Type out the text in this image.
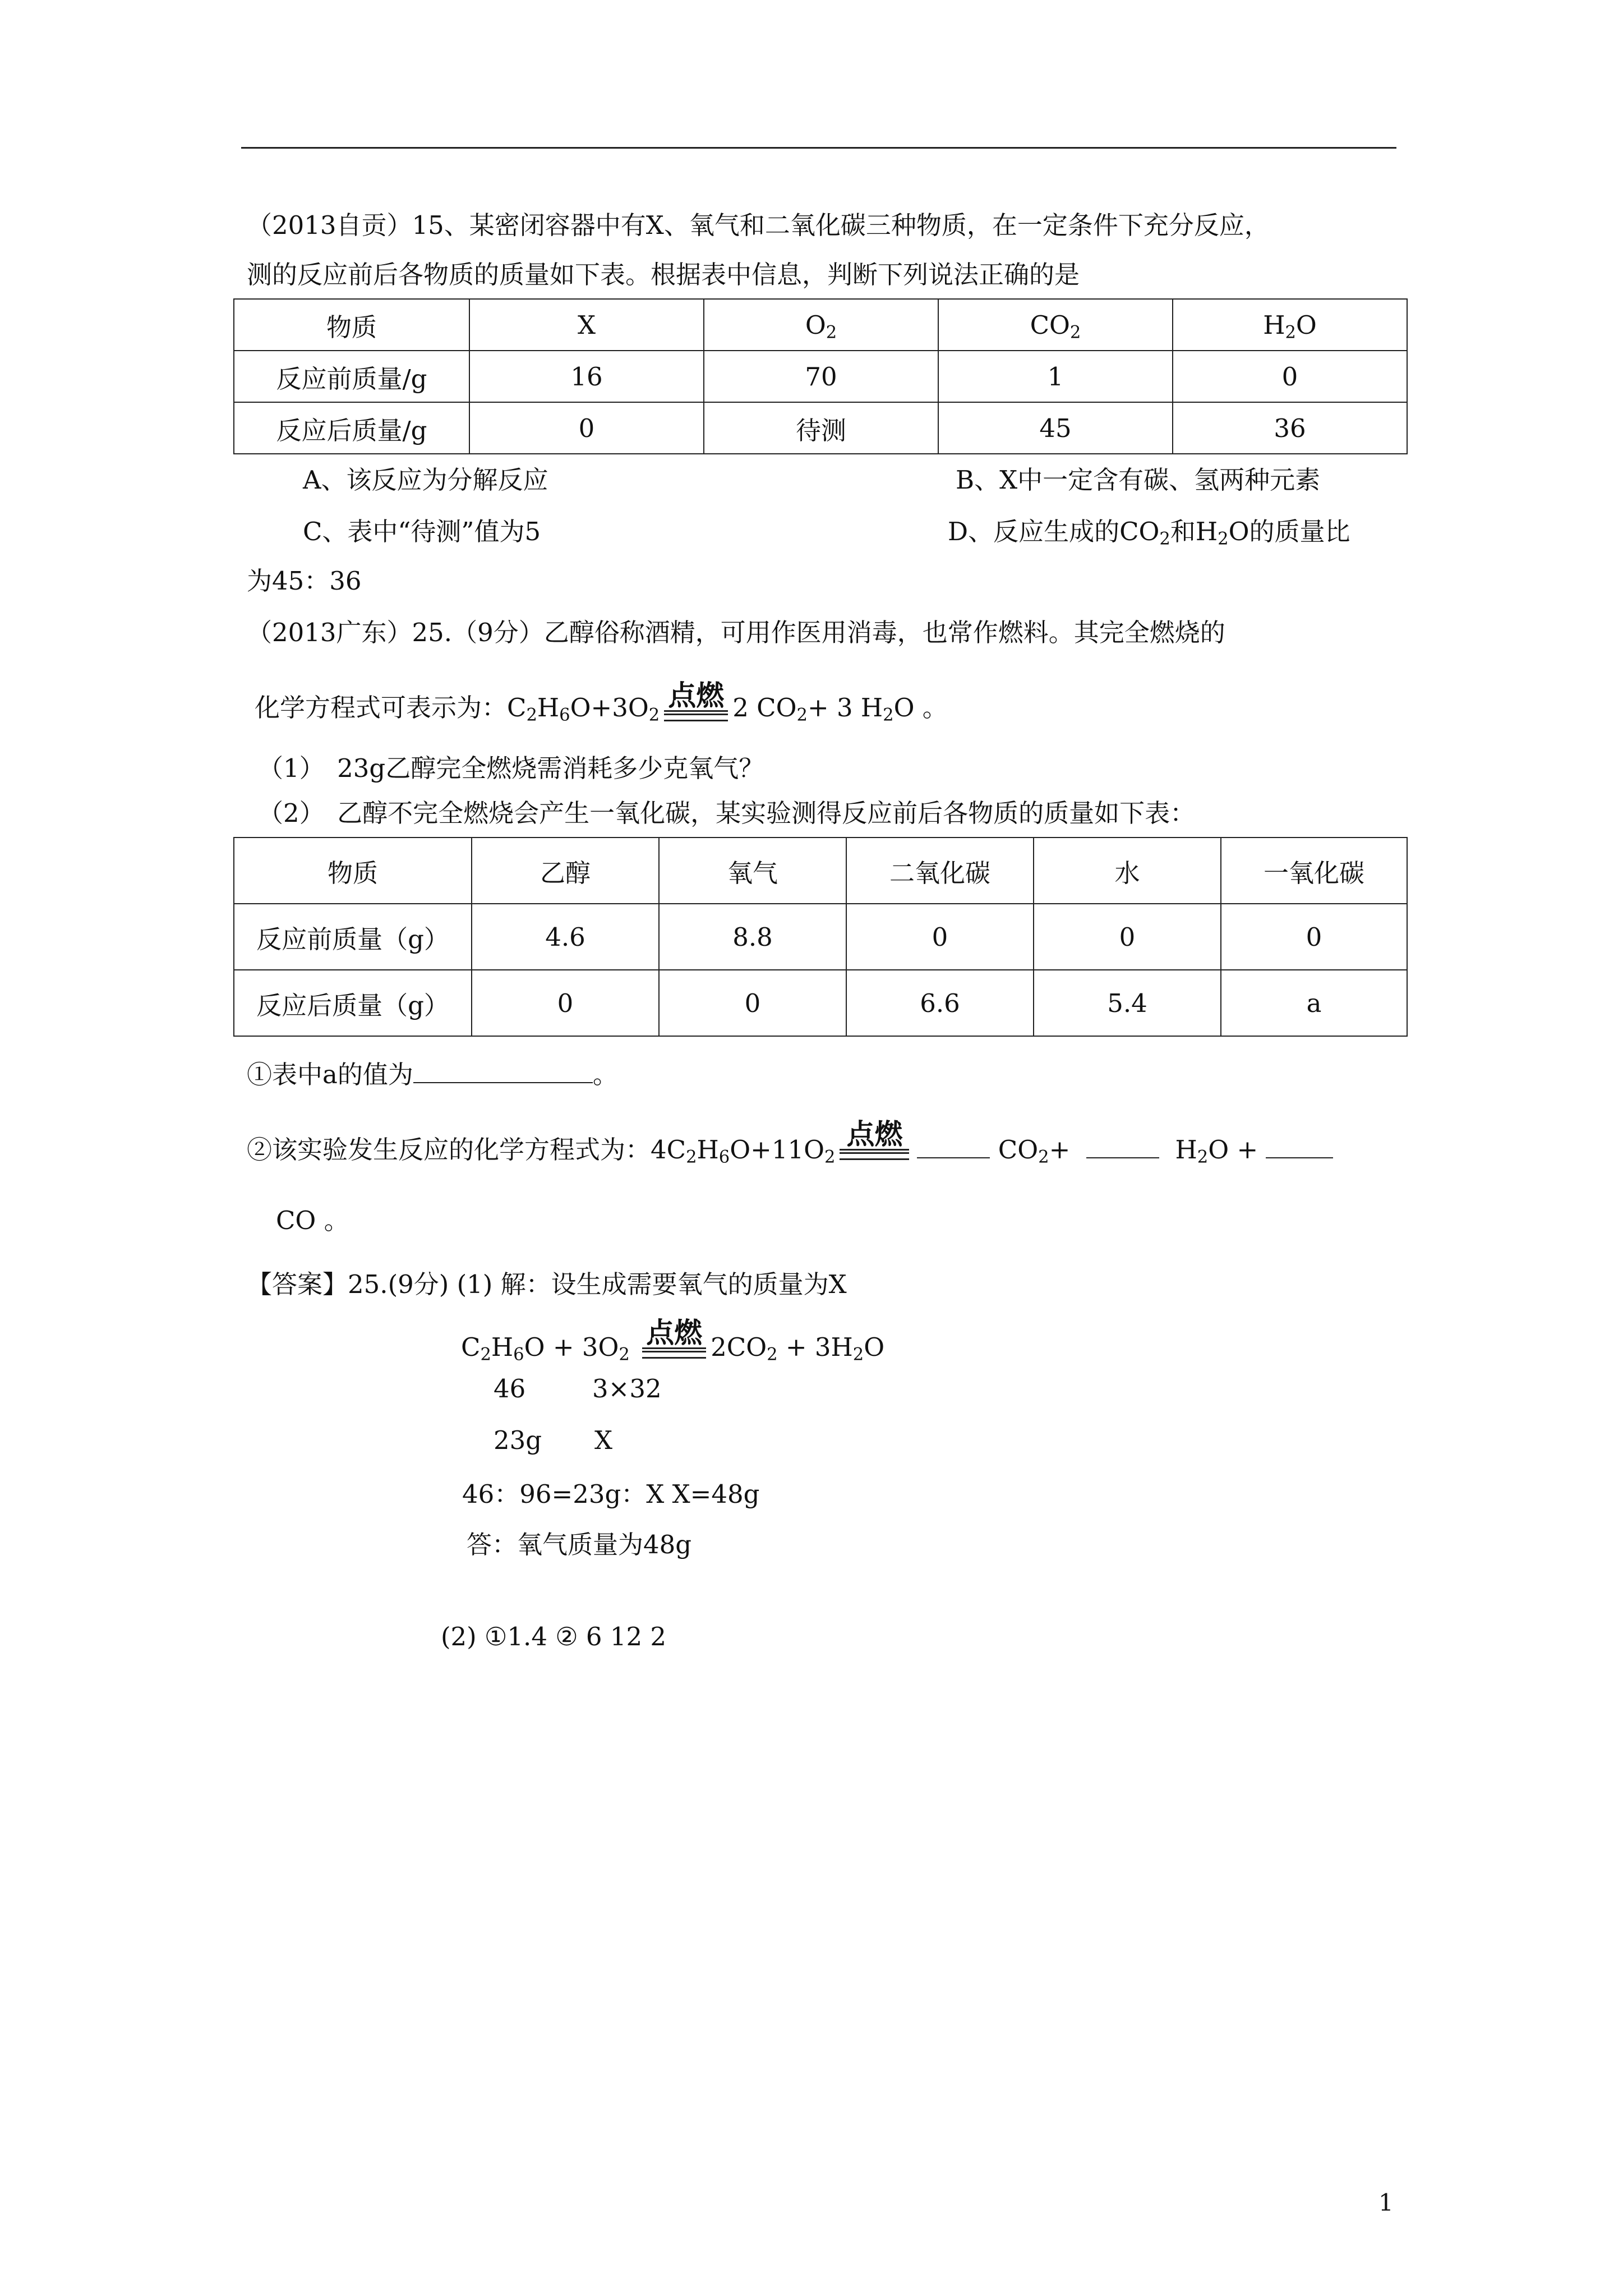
（2013自贡）15、某密闭容器中有X、氧气和二氧化碳三种物质，在一定条件下充分反应，
测的反应前后各物质的质量如下表。根据表中信息，判断下列说法正确的是
物质	X	$O_2$	$CO_2$	$H_2O$
反应前质量/g	16	70	1	0
反应后质量/g	0	待测	45	36
A、该反应为分解反应	B、X中一定含有碳、氢两种元素
C、表中“待测”值为5	D、反应生成的$CO_2$和$H_2O$的质量比
为45：36
（2013广东）25.（9分）乙醇俗称酒精，可用作医用消毒，也常作燃料。其完全燃烧的
化学方程式可表示为：$C_2H_6O+3O_2$
点燃 2 $CO_2+ 3$ $H_2O$ 。
（1）　23g乙醇完全燃烧需消耗多少克氧气？
（2）　乙醇不完全燃烧会产生一氧化碳，某实验测得反应前后各物质的质量如下表：
物质	乙醇	氧气	二氧化碳	水	一氧化碳
反应前质量（g）	4.6	8.8	0	0	0
反应后质量（g）	0	0	6.6	5.4	a
①表中a的值为	。
②该实验发生反应的化学方程式为：$4C_2H_6O+11O_2$
点燃	$CO_2+$	$H_2O$ +
CO 。
【答案】25.(9分) (1) 解：设生成需要氧气的质量为X
$C_2H_6O + 3O_2$
点燃 $2CO_2 + 3H_2O$
46	3×32
23g X
46：96=23g：X X=48g
答：氧气质量为48g
(2) ①1.4 ② 6 12 2
1
